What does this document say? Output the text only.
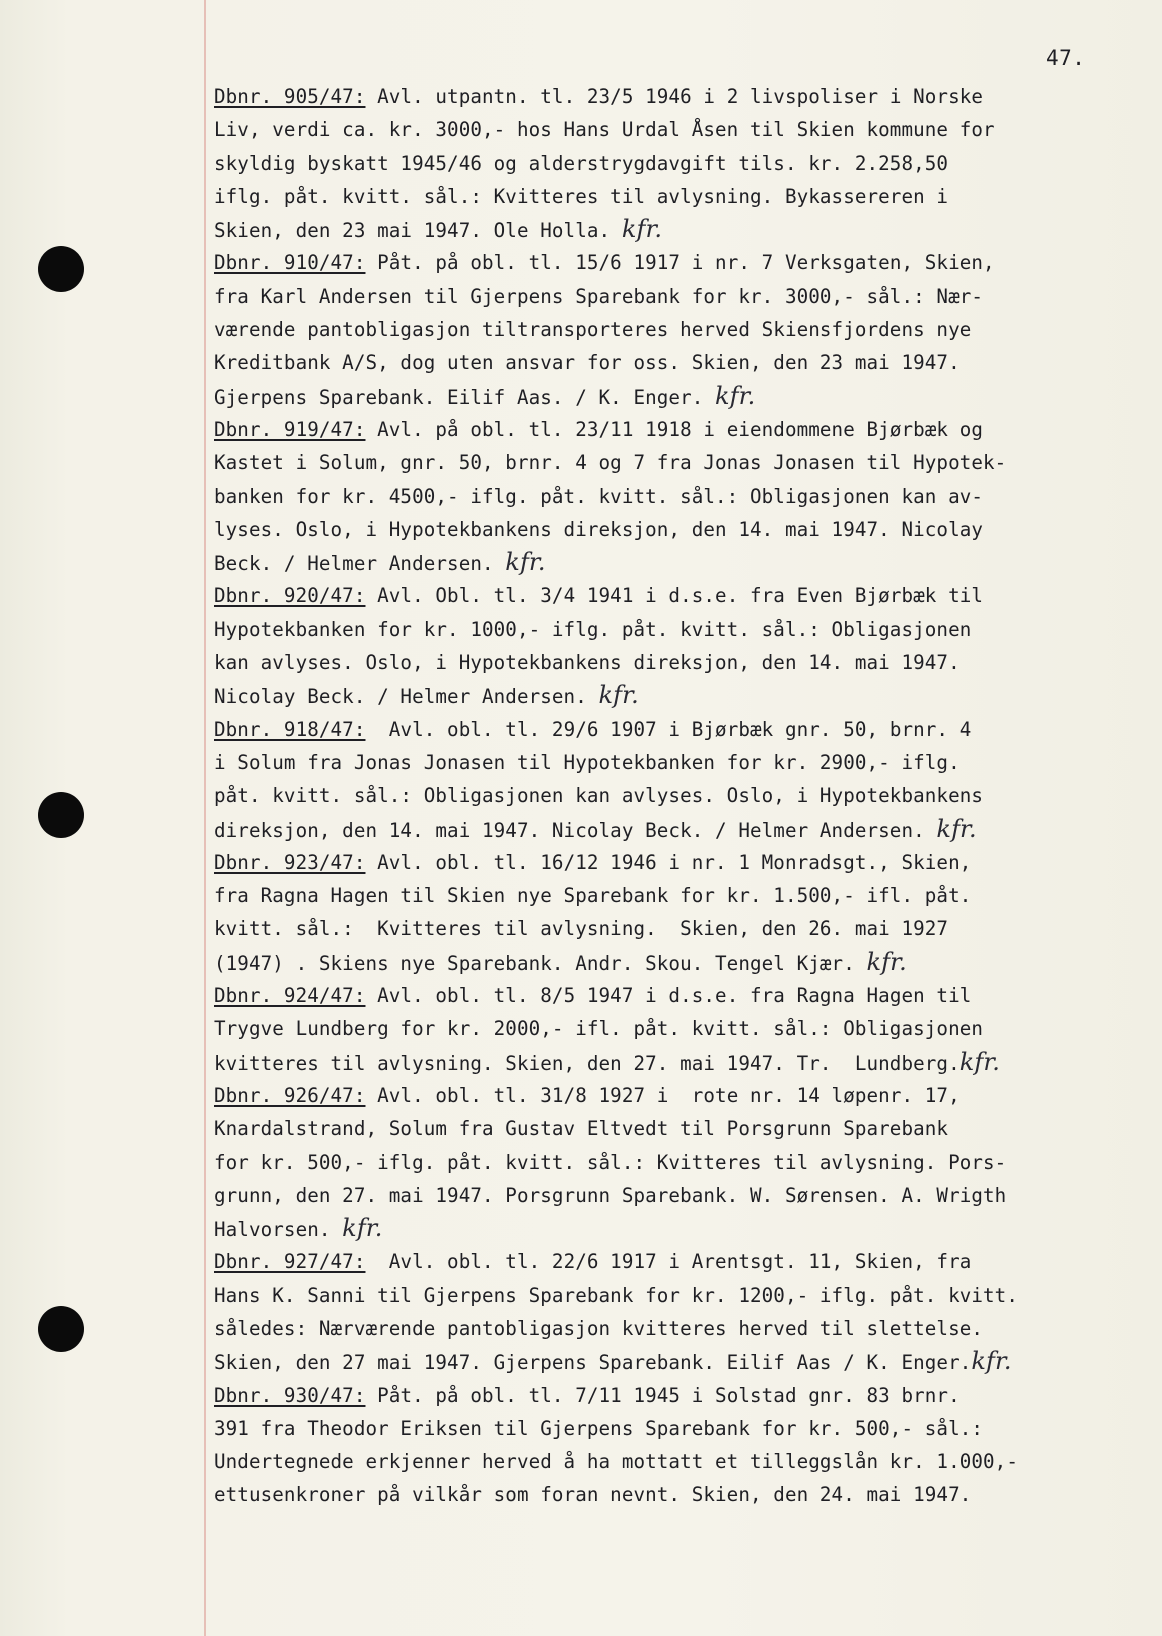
47.
Dbnr. 905/47: Avl. utpantn. tl. 23/5 1946 i 2 livspoliser i Norske
Liv, verdi ca. kr. 3000,- hos Hans Urdal Åsen til Skien kommune for
skyldig byskatt 1945/46 og alderstrygdavgift tils. kr. 2.258,50
iflg. påt. kvitt. sål.: Kvitteres til avlysning. Bykassereren i
Skien, den 23 mai 1947. Ole Holla. kfr.
Dbnr. 910/47: Påt. på obl. tl. 15/6 1917 i nr. 7 Verksgaten, Skien,
fra Karl Andersen til Gjerpens Sparebank for kr. 3000,- sål.: Nær-
værende pantobligasjon tiltransporteres herved Skiensfjordens nye
Kreditbank A/S, dog uten ansvar for oss. Skien, den 23 mai 1947.
Gjerpens Sparebank. Eilif Aas. / K. Enger. kfr.
Dbnr. 919/47: Avl. på obl. tl. 23/11 1918 i eiendommene Bjørbæk og
Kastet i Solum, gnr. 50, brnr. 4 og 7 fra Jonas Jonasen til Hypotek-
banken for kr. 4500,- iflg. påt. kvitt. sål.: Obligasjonen kan av-
lyses. Oslo, i Hypotekbankens direksjon, den 14. mai 1947. Nicolay
Beck. / Helmer Andersen. kfr.
Dbnr. 920/47: Avl. Obl. tl. 3/4 1941 i d.s.e. fra Even Bjørbæk til
Hypotekbanken for kr. 1000,- iflg. påt. kvitt. sål.: Obligasjonen
kan avlyses. Oslo, i Hypotekbankens direksjon, den 14. mai 1947.
Nicolay Beck. / Helmer Andersen. kfr.
Dbnr. 918/47:  Avl. obl. tl. 29/6 1907 i Bjørbæk gnr. 50, brnr. 4
i Solum fra Jonas Jonasen til Hypotekbanken for kr. 2900,- iflg.
påt. kvitt. sål.: Obligasjonen kan avlyses. Oslo, i Hypotekbankens
direksjon, den 14. mai 1947. Nicolay Beck. / Helmer Andersen. kfr.
Dbnr. 923/47: Avl. obl. tl. 16/12 1946 i nr. 1 Monradsgt., Skien,
fra Ragna Hagen til Skien nye Sparebank for kr. 1.500,- ifl. påt.
kvitt. sål.:  Kvitteres til avlysning.  Skien, den 26. mai 1927
(1947) . Skiens nye Sparebank. Andr. Skou. Tengel Kjær. kfr.
Dbnr. 924/47: Avl. obl. tl. 8/5 1947 i d.s.e. fra Ragna Hagen til
Trygve Lundberg for kr. 2000,- ifl. påt. kvitt. sål.: Obligasjonen
kvitteres til avlysning. Skien, den 27. mai 1947. Tr.  Lundberg.kfr.
Dbnr. 926/47: Avl. obl. tl. 31/8 1927 i  rote nr. 14 løpenr. 17,
Knardalstrand, Solum fra Gustav Eltvedt til Porsgrunn Sparebank
for kr. 500,- iflg. påt. kvitt. sål.: Kvitteres til avlysning. Pors-
grunn, den 27. mai 1947. Porsgrunn Sparebank. W. Sørensen. A. Wrigth
Halvorsen. kfr.
Dbnr. 927/47:  Avl. obl. tl. 22/6 1917 i Arentsgt. 11, Skien, fra
Hans K. Sanni til Gjerpens Sparebank for kr. 1200,- iflg. påt. kvitt.
således: Nærværende pantobligasjon kvitteres herved til slettelse.
Skien, den 27 mai 1947. Gjerpens Sparebank. Eilif Aas / K. Enger.kfr.
Dbnr. 930/47: Påt. på obl. tl. 7/11 1945 i Solstad gnr. 83 brnr.
391 fra Theodor Eriksen til Gjerpens Sparebank for kr. 500,- sål.:
Undertegnede erkjenner herved å ha mottatt et tilleggslån kr. 1.000,-
ettusenkroner på vilkår som foran nevnt. Skien, den 24. mai 1947.
